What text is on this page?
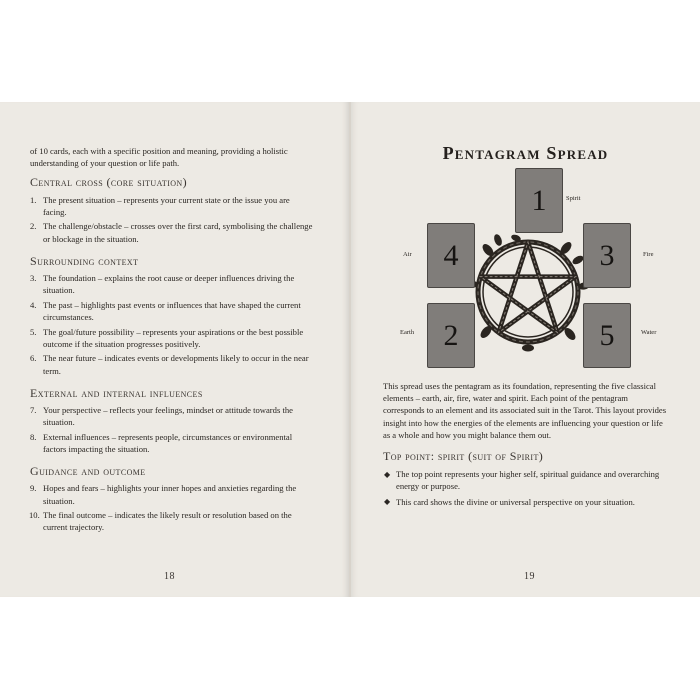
of 10 cards, each with a specific position and meaning, providing a holistic understanding of your question or life path.

Central cross (core situation)

1. The present situation – represents your current state or the issue you are facing.
2. The challenge/obstacle – crosses over the first card, symbolising the challenge or blockage in the situation.

Surrounding context

3. The foundation – explains the root cause or deeper influences driving the situation.
4. The past – highlights past events or influences that have shaped the current circumstances.
5. The goal/future possibility – represents your aspirations or the best possible outcome if the situation progresses positively.
6. The near future – indicates events or developments likely to occur in the near term.

External and internal influences

7. Your perspective – reflects your feelings, mindset or attitude towards the situation.
8. External influences – represents people, circumstances or environmental factors impacting the situation.

Guidance and outcome

9. Hopes and fears – highlights your inner hopes and anxieties regarding the situation.
10. The final outcome – indicates the likely result or resolution based on the current trajectory.
18
Pentagram Spread
1
4	3
2	5
Spirit
Air	Fire
Earth	Water

This spread uses the pentagram as its foundation, representing the five classical elements – earth, air, fire, water and spirit. Each point of the pentagram corresponds to an element and its associated suit in the Tarot. This layout provides insight into how the energies of the elements are influencing your question or life as a whole and how you might balance them out.

Top point: spirit (suit of Spirit)

◆ The top point represents your higher self, spiritual guidance and overarching energy or purpose.
◆ This card shows the divine or universal perspective on your situation.
19
